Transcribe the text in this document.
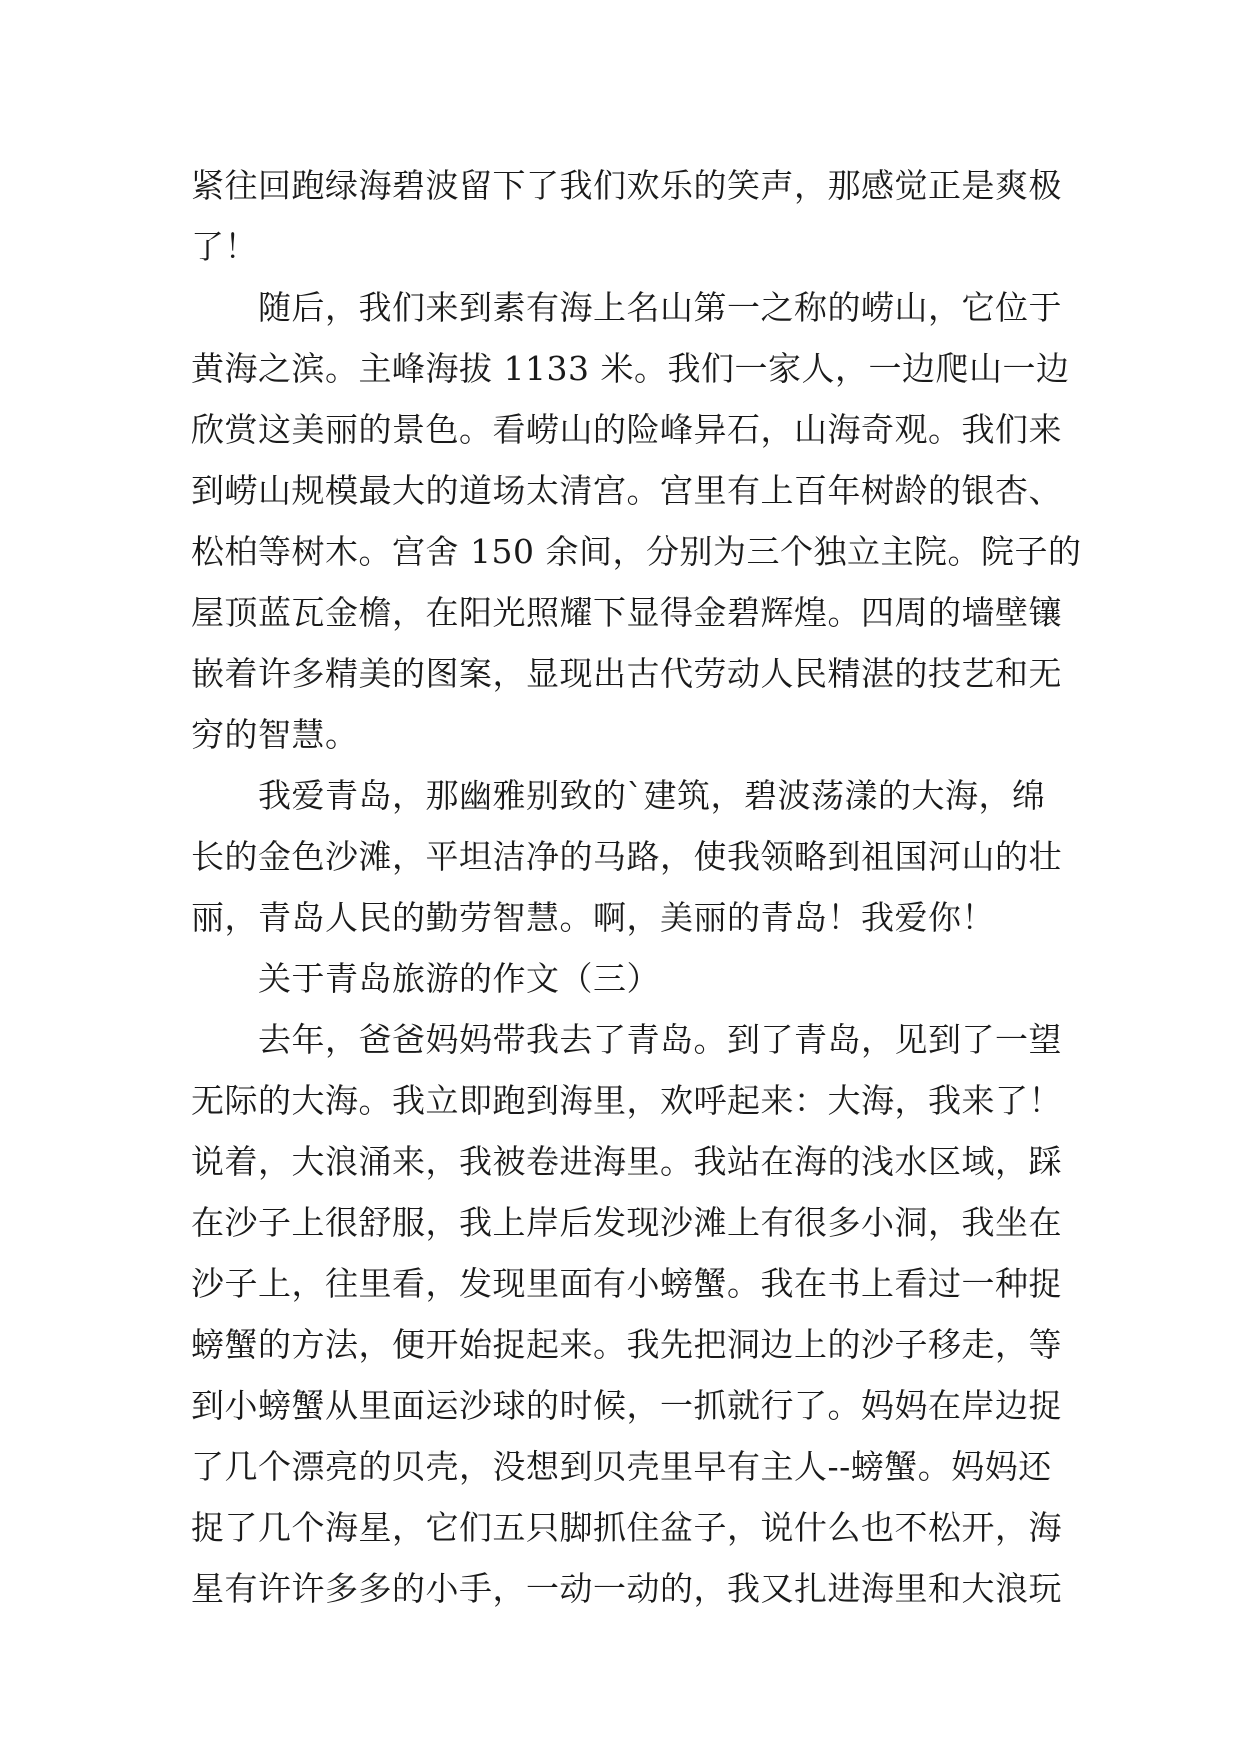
紧往回跑绿海碧波留下了我们欢乐的笑声，那感觉正是爽极
了！
　　随后，我们来到素有海上名山第一之称的崂山，它位于
黄海之滨。主峰海拔 1133 米。我们一家人，一边爬山一边
欣赏这美丽的景色。看崂山的险峰异石，山海奇观。我们来
到崂山规模最大的道场太清宫。宫里有上百年树龄的银杏、
松柏等树木。宫舍 150 余间，分别为三个独立主院。院子的
屋顶蓝瓦金檐，在阳光照耀下显得金碧辉煌。四周的墙壁镶
嵌着许多精美的图案，显现出古代劳动人民精湛的技艺和无
穷的智慧。
　　我爱青岛，那幽雅别致的`建筑，碧波荡漾的大海，绵
长的金色沙滩，平坦洁净的马路，使我领略到祖国河山的壮
丽，青岛人民的勤劳智慧。啊，美丽的青岛！我爱你！
　　关于青岛旅游的作文（三）
　　去年，爸爸妈妈带我去了青岛。到了青岛，见到了一望
无际的大海。我立即跑到海里，欢呼起来：大海，我来了！
说着，大浪涌来，我被卷进海里。我站在海的浅水区域，踩
在沙子上很舒服，我上岸后发现沙滩上有很多小洞，我坐在
沙子上，往里看，发现里面有小螃蟹。我在书上看过一种捉
螃蟹的方法，便开始捉起来。我先把洞边上的沙子移走，等
到小螃蟹从里面运沙球的时候，一抓就行了。妈妈在岸边捉
了几个漂亮的贝壳，没想到贝壳里早有主人--螃蟹。妈妈还
捉了几个海星，它们五只脚抓住盆子，说什么也不松开，海
星有许许多多的小手，一动一动的，我又扎进海里和大浪玩
